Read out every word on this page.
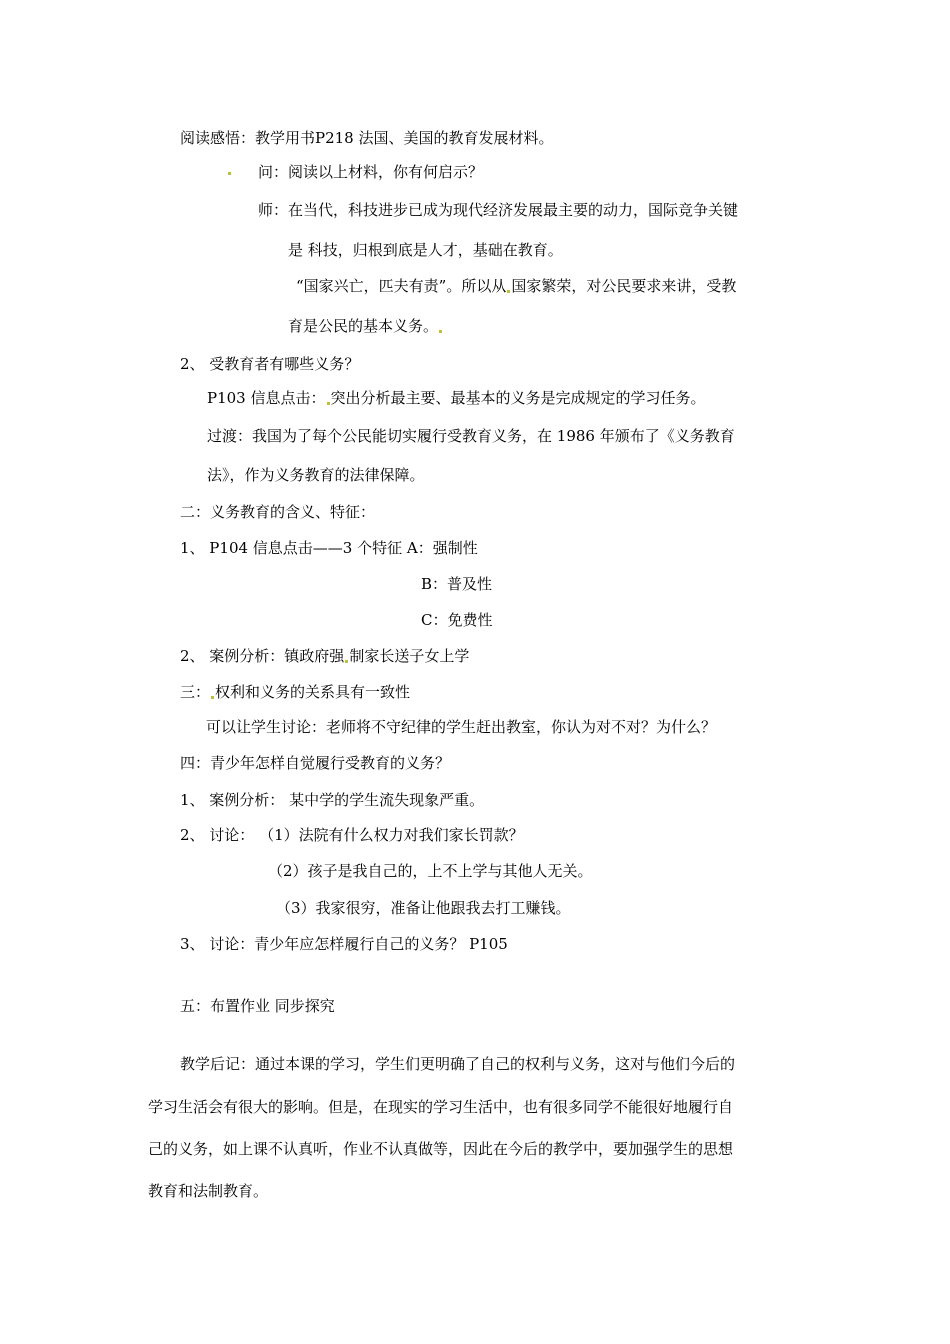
阅读感悟：教学用书P218 法国、美国的教育发展材料。
问：阅读以上材料，你有何启示？
师：在当代，科技进步已成为现代经济发展最主要的动力，国际竞争关键
是 科技，归根到底是人才，基础在教育。
“国家兴亡，匹夫有责”。所以从 国家繁荣，对公民要求来讲，受教
育是公民的基本义务。
2、 受教育者有哪些义务？
P103 信息点击： 突出分析最主要、最基本的义务是完成规定的学习任务。
过渡：我国为了每个公民能切实履行受教育义务，在 1986 年颁布了《义务教育
法》，作为义务教育的法律保障。
二：义务教育的含义、特征：
1、 P104 信息点击——3 个特征 A：强制性
B：普及性
C：免费性
2、 案例分析：镇政府强 制家长送子女上学
三： 权利和义务的关系具有一致性
可以让学生讨论：老师将不守纪律的学生赶出教室，你认为对不对？为什么？
四：青少年怎样自觉履行受教育的义务？
1、 案例分析： 某中学的学生流失现象严重。
2、 讨论： （1）法院有什么权力对我们家长罚款？
（2）孩子是我自己的，上不上学与其他人无关。
（3）我家很穷，准备让他跟我去打工赚钱。
3、 讨论：青少年应怎样履行自己的义务？ P105
五：布置作业 同步探究
教学后记：通过本课的学习，学生们更明确了自己的权利与义务，这对与他们今后的
学习生活会有很大的影响。但是，在现实的学习生活中，也有很多同学不能很好地履行自
己的义务，如上课不认真听，作业不认真做等，因此在今后的教学中，要加强学生的思想
教育和法制教育。
